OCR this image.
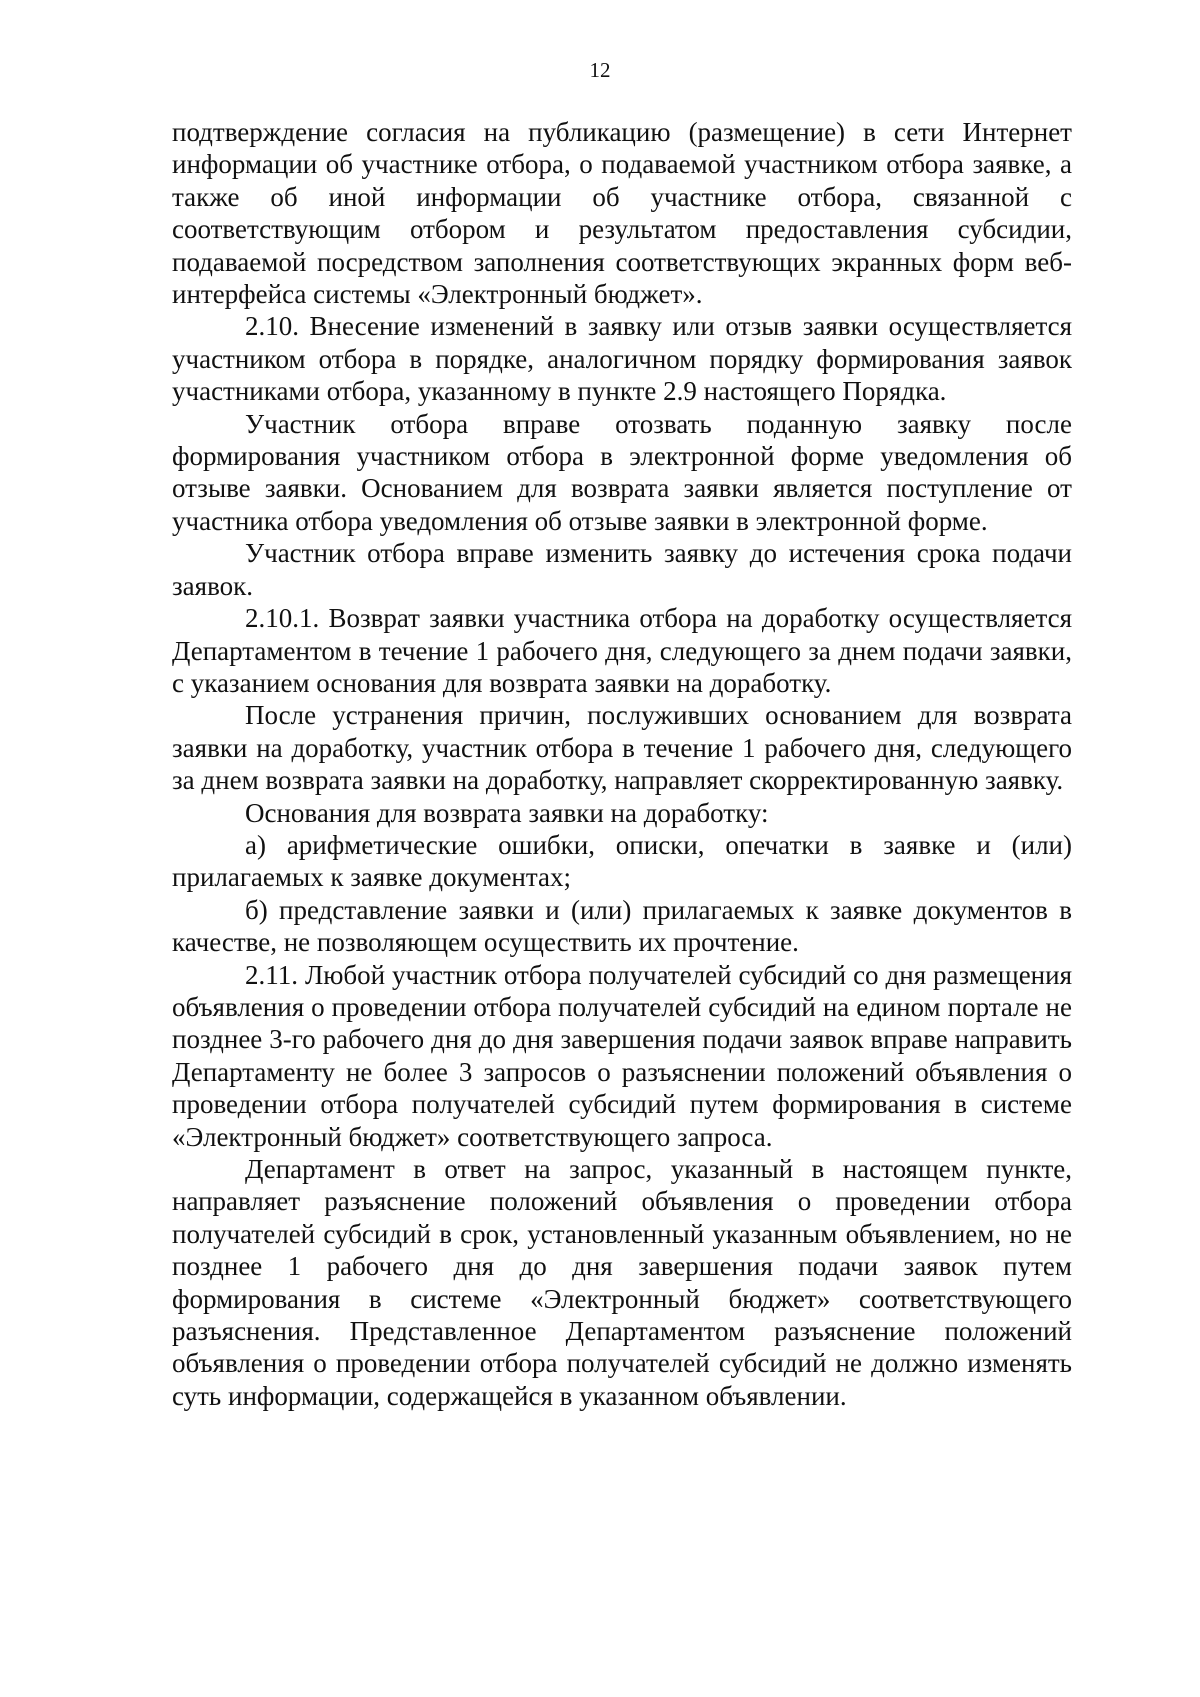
12

подтверждение согласия на публикацию (размещение) в сети Интернет информации об участнике отбора, о подаваемой участником отбора заявке, а также об иной информации об участнике отбора, связанной с соответствующим отбором и результатом предоставления субсидии, подаваемой посредством заполнения соответствующих экранных форм веб-интерфейса системы «Электронный бюджет».

2.10. Внесение изменений в заявку или отзыв заявки осуществляется участником отбора в порядке, аналогичном порядку формирования заявок участниками отбора, указанному в пункте 2.9 настоящего Порядка.

Участник отбора вправе отозвать поданную заявку после формирования участником отбора в электронной форме уведомления об отзыве заявки. Основанием для возврата заявки является поступление от участника отбора уведомления об отзыве заявки в электронной форме.

Участник отбора вправе изменить заявку до истечения срока подачи заявок.

2.10.1. Возврат заявки участника отбора на доработку осуществляется Департаментом в течение 1 рабочего дня, следующего за днем подачи заявки, с указанием основания для возврата заявки на доработку.

После устранения причин, послуживших основанием для возврата заявки на доработку, участник отбора в течение 1 рабочего дня, следующего за днем возврата заявки на доработку, направляет скорректированную заявку.

Основания для возврата заявки на доработку:

а) арифметические ошибки, описки, опечатки в заявке и (или) прилагаемых к заявке документах;

б) представление заявки и (или) прилагаемых к заявке документов в качестве, не позволяющем осуществить их прочтение.

2.11. Любой участник отбора получателей субсидий со дня размещения объявления о проведении отбора получателей субсидий на едином портале не позднее 3-го рабочего дня до дня завершения подачи заявок вправе направить Департаменту не более 3 запросов о разъяснении положений объявления о проведении отбора получателей субсидий путем формирования в системе «Электронный бюджет» соответствующего запроса.

Департамент в ответ на запрос, указанный в настоящем пункте, направляет разъяснение положений объявления о проведении отбора получателей субсидий в срок, установленный указанным объявлением, но не позднее 1 рабочего дня до дня завершения подачи заявок путем формирования в системе «Электронный бюджет» соответствующего разъяснения. Представленное Департаментом разъяснение положений объявления о проведении отбора получателей субсидий не должно изменять суть информации, содержащейся в указанном объявлении.
